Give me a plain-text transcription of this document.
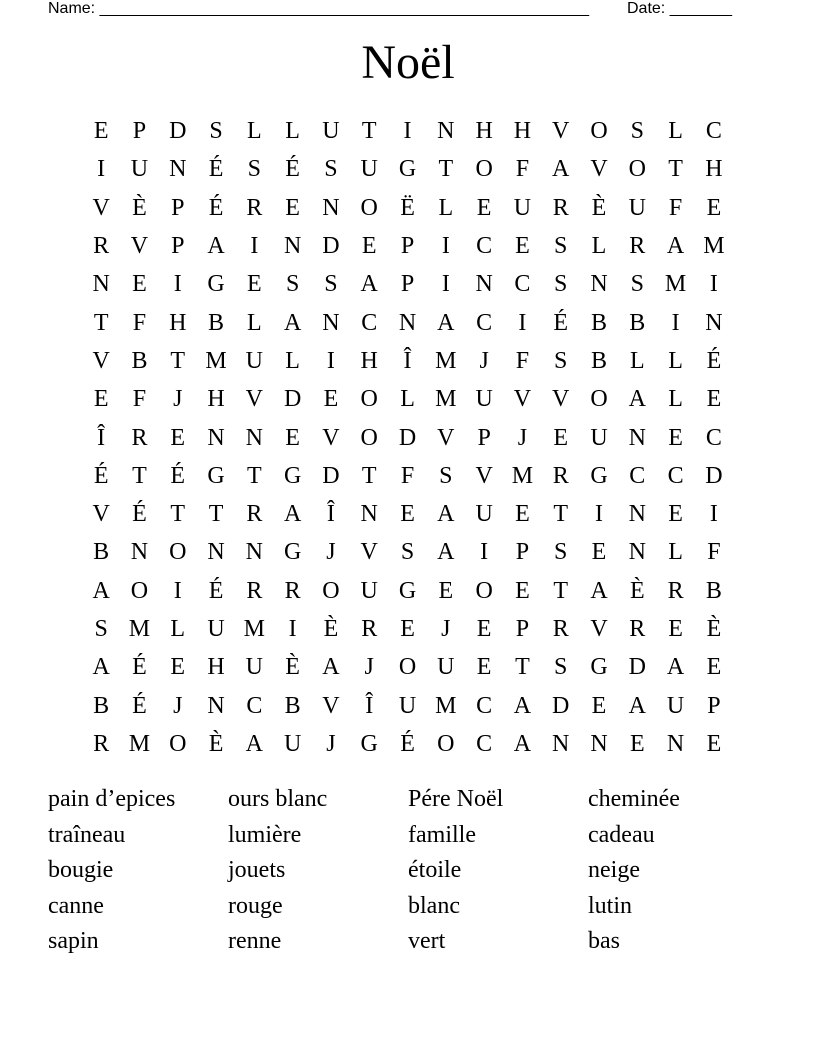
Name: _______________________________________________________ Date: _______
Noël
E	P D S	L L U T	I	N H H V O S	L C
I	U N É	S	É	S U G T O F A V O T H
V È	P	É R E N O Ë L E U R È U F	E
R V P A	I	N D E	P	I	C E	S	L R A M
N E	I	G E	S	S A P	I	N C S N S M I
T	F H B L A N C N A C	I	É B B	I	N
V B T M U L	I	H	Î M J	F	S B L L É
E	F	J	H V D E O L M U V V O A L E
Î	R E N N E V O D V P	J	E U N E C
É T É G T G D T	F	S V M R G C C D
V É T T R A	Î	N E A U E T	I	N E	I
B N O N N G	J	V S A	I	P	S	E N L	F
A O	I	É R R O U G E O E T A È R B
S M L U M I	È R E	J	E	P R V R E È
A É E H U È A	J	O U E T	S G D A E
B É	J	N C B V	Î	U M C A D E A U P
R M O È A U	J	G É O C A N N E N E
pain d’epices	ours blanc	Pére Noël	cheminée
traîneau	lumière	famille	cadeau
bougie	jouets	étoile	neige
canne	rouge	blanc	lutin
sapin	renne	vert	bas
